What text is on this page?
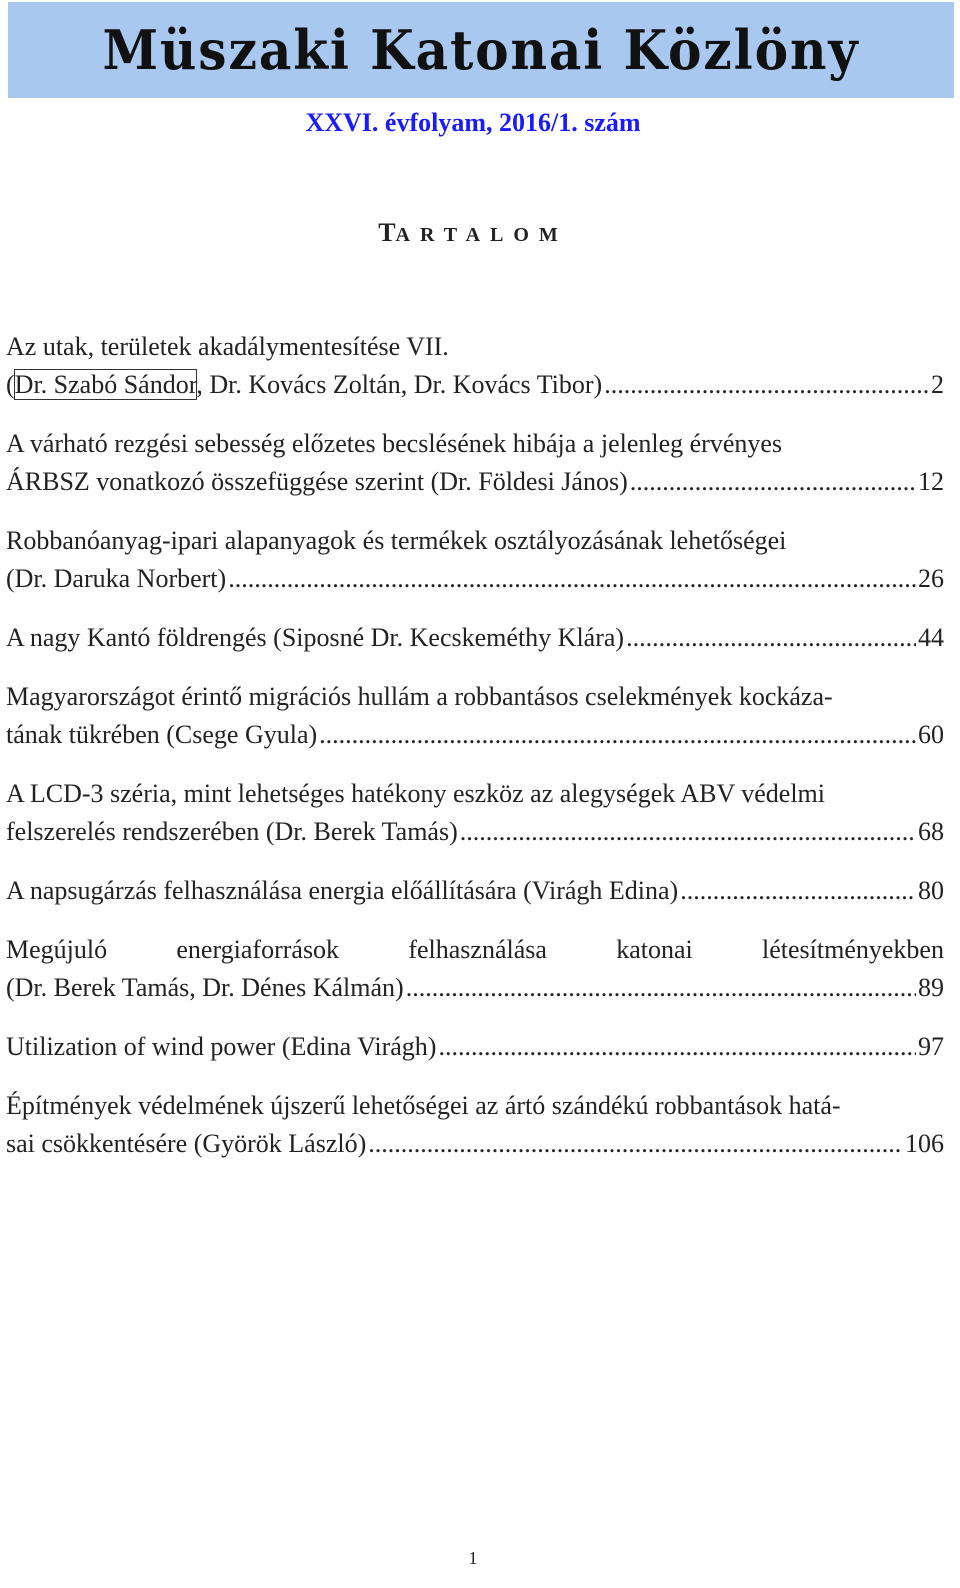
Müszaki Katonai Közlöny
XXVI. évfolyam, 2016/1. szám
TARTALOM
Az utak, területek akadálymentesítése VII.
(Dr. Szabó Sándor, Dr. Kovács Zoltán, Dr. Kovács Tibor) .....	2
A várható rezgési sebesség előzetes becslésének hibája a jelenleg érvényes
ÁRBSZ vonatkozó összefüggése szerint (Dr. Földesi János) .....	12
Robbanóanyag-ipari alapanyagok és termékek osztályozásának lehetőségei
(Dr. Daruka Norbert) .....	26
A nagy Kantó földrengés (Siposné Dr. Kecskeméthy Klára) .....	44
Magyarországot érintő migrációs hullám a robbantásos cselekmények kockáza-
tának tükrében (Csege Gyula) .....	60
A LCD-3 széria, mint lehetséges hatékony eszköz az alegységek ABV védelmi
felszerelés rendszerében (Dr. Berek Tamás) .....	68
A napsugárzás felhasználása energia előállítására (Virágh Edina) .....	80
Megújuló	energiaforrások	felhasználása	katonai	létesítményekben
(Dr. Berek Tamás, Dr. Dénes Kálmán) .....	89
Utilization of wind power (Edina Virágh) .....	97
Építmények védelmének újszerű lehetőségei az ártó szándékú robbantások hatá-
sai csökkentésére (Györök László) .....	106
1
